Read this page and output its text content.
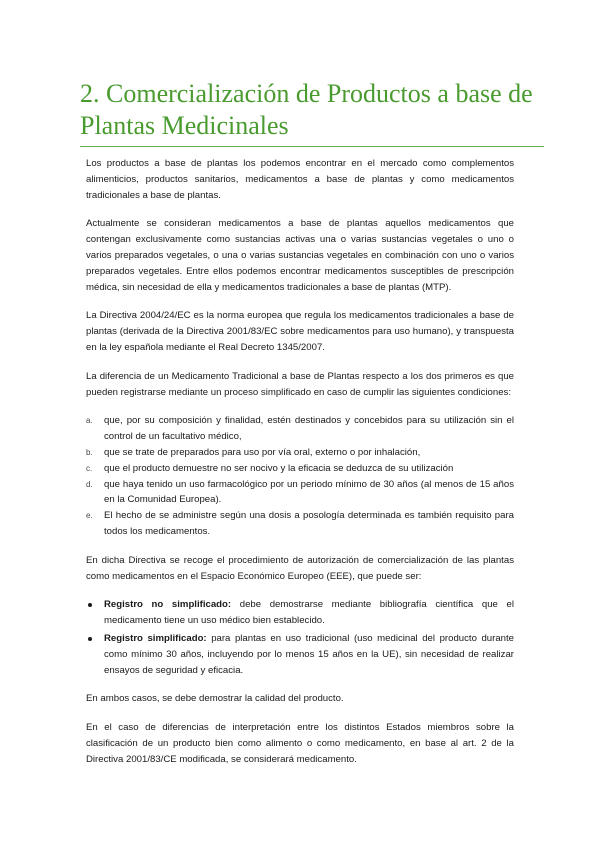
2. Comercialización de Productos a base de Plantas Medicinales

Los productos a base de plantas los podemos encontrar en el mercado como complementos alimenticios, productos sanitarios, medicamentos a base de plantas y como medicamentos tradicionales a base de plantas.

Actualmente se consideran medicamentos a base de plantas aquellos medicamentos que contengan exclusivamente como sustancias activas una o varias sustancias vegetales o uno o varios preparados vegetales, o una o varias sustancias vegetales en combinación con uno o varios preparados vegetales. Entre ellos podemos encontrar medicamentos susceptibles de prescripción médica, sin necesidad de ella y medicamentos tradicionales a base de plantas (MTP).

La Directiva 2004/24/EC es la norma europea que regula los medicamentos tradicionales a base de plantas (derivada de la Directiva 2001/83/EC sobre medicamentos para uso humano), y transpuesta en la ley española mediante el Real Decreto 1345/2007.

La diferencia de un Medicamento Tradicional a base de Plantas respecto a los dos primeros es que pueden registrarse mediante un proceso simplificado en caso de cumplir las siguientes condiciones:

a. que, por su composición y finalidad, estén destinados y concebidos para su utilización sin el control de un facultativo médico,
b. que se trate de preparados para uso por vía oral, externo o por inhalación,
c. que el producto demuestre no ser nocivo y la eficacia se deduzca de su utilización
d. que haya tenido un uso farmacológico por un periodo mínimo de 30 años (al menos de 15 años en la Comunidad Europea).
e. El hecho de se administre según una dosis a posología determinada es también requisito para todos los medicamentos.

En dicha Directiva se recoge el procedimiento de autorización de comercialización de las plantas como medicamentos en el Espacio Económico Europeo (EEE), que puede ser:

Registro no simplificado: debe demostrarse mediante bibliografía científica que el medicamento tiene un uso médico bien establecido.
Registro simplificado: para plantas en uso tradicional (uso medicinal del producto durante como mínimo 30 años, incluyendo por lo menos 15 años en la UE), sin necesidad de realizar ensayos de seguridad y eficacia.

En ambos casos, se debe demostrar la calidad del producto.

En el caso de diferencias de interpretación entre los distintos Estados miembros sobre la clasificación de un producto bien como alimento o como medicamento, en base al art. 2 de la Directiva 2001/83/CE modificada, se considerará medicamento.
